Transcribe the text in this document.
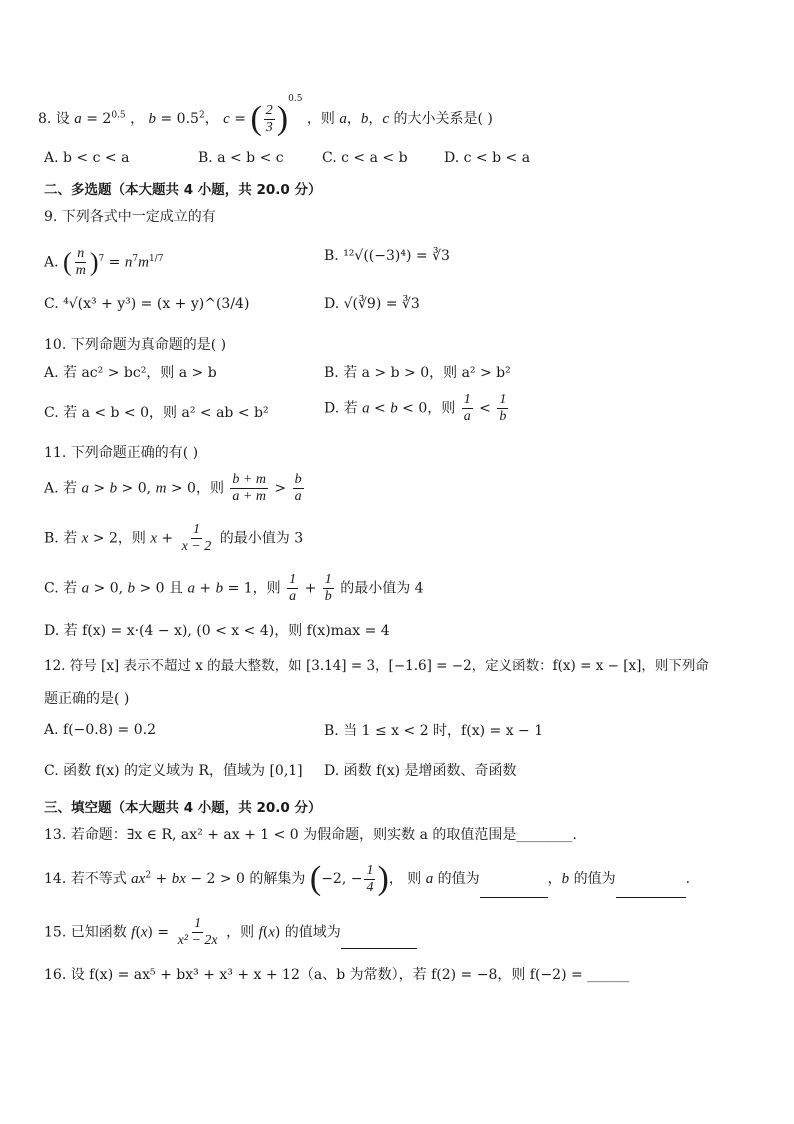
8. 设 $a = 2^{0.5}$ ， $b = 0.5^2$， c = ( $\frac{2}{3} )^{0.5}$ ，则 a，b，c 的大小关系是( )
A. b < c < a	B. a < b < c	C. c < a < b	D. c < b < a
二、多选题（本大题共 4 小题，共 20.0 分）
9. 下列各式中一定成立的有
A. ( $\frac{n}{m} )^7 = n^7m^{1/7}$	B. ¹²√((−3)⁴) = ∛3
C. ⁴√(x³ + y³) = (x + y)^(3/4)	D. √(∛9) = ∛3
10. 下列命题为真命题的是( )
A. 若 ac² > bc²，则 a > b	B. 若 a > b > 0，则 a² > b²
C. 若 a < b < 0，则 a² < ab < b²	D. 若 a < b < 0，则 $\frac{1}{a} < \frac{1}{b}$
11. 下列命题正确的有( )
A. 若 a > b > 0, m > 0，则 $\frac{b + m}{a + m} > \frac{b}{a}$
B. 若 x > 2，则 $x + \frac{1}{x - 2}$ 的最小值为 3
C. 若 a > 0, b > 0 且 a + b = 1，则 $\frac{1}{a} + \frac{1}{b}$ 的最小值为 4
D. 若 f(x) = x·(4 − x), (0 < x < 4)，则 f(x)max = 4
12. 符号 [x] 表示不超过 x 的最大整数，如 [3.14] = 3，[−1.6] = −2，定义函数：f(x) = x − [x]，则下列命
题正确的是( )
A. f(−0.8) = 0.2	B. 当 1 ≤ x < 2 时，f(x) = x − 1
C. 函数 f(x) 的定义域为 R，值域为 [0,1] D. 函数 f(x) 是增函数、奇函数
三、填空题（本大题共 4 小题，共 20.0 分）
13. 若命题：∃x ∈ R, ax² + ax + 1 < 0 为假命题，则实数 a 的取值范围是________.
14. 若不等式 $ax^2$ + bx − 2 > 0 的解集为 (−2, − $\frac{1}{4}$ )， 则 a 的值为	，b 的值为	.
15. 已知函数 $f(x) = \frac{1}{\text{x² − 2x}}$ ，则 f(x) 的值域为
16. 设 f(x) = ax⁵ + bx³ + x³ + x + 12（a、b 为常数），若 f(2) = −8，则 f(−2) = ______
